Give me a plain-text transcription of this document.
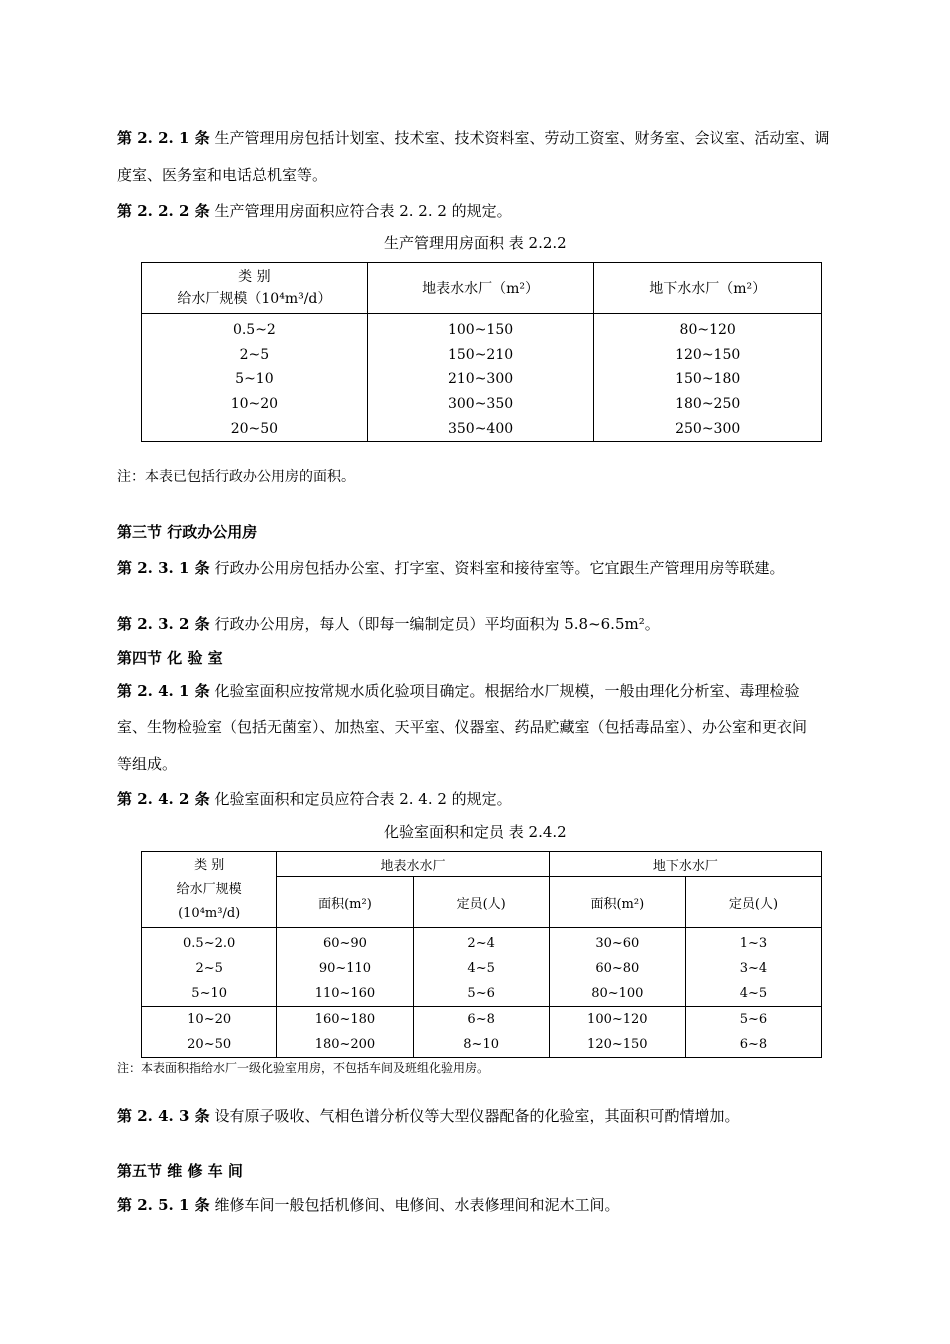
第 2. 2. 1 条 生产管理用房包括计划室、技术室、技术资料室、劳动工资室、财务室、会议室、活动室、调
度室、医务室和电话总机室等。
第 2. 2. 2 条 生产管理用房面积应符合表 2. 2. 2 的规定。
生产管理用房面积 表 2.2.2
类 别
给水厂规模（10⁴m³/d）	地表水水厂（m²）	地下水水厂（m²）
0.5~2	100~150	80~120
2~5	150~210	120~150
5~10	210~300	150~180
10~20	300~350	180~250
20~50	350~400	250~300
注：本表已包括行政办公用房的面积。
第三节 行政办公用房
第 2. 3. 1 条 行政办公用房包括办公室、打字室、资料室和接待室等。它宜跟生产管理用房等联建。
第 2. 3. 2 条 行政办公用房，每人（即每一编制定员）平均面积为 5.8~6.5m²。
第四节 化 验 室
第 2. 4. 1 条 化验室面积应按常规水质化验项目确定。根据给水厂规模，一般由理化分析室、毒理检验
室、生物检验室（包括无菌室）、加热室、天平室、仪器室、药品贮藏室（包括毒品室）、办公室和更衣间
等组成。
第 2. 4. 2 条 化验室面积和定员应符合表 2. 4. 2 的规定。
化验室面积和定员 表 2.4.2
类 别
给水厂规模
(10⁴m³/d)	地表水水厂		地下水水厂	
	面积(m²)	定员(人)	面积(m²)	定员(人)
0.5~2.0	60~90	2~4	30~60	1~3
2~5	90~110	4~5	60~80	3~4
5~10	110~160	5~6	80~100	4~5
10~20	160~180	6~8	100~120	5~6
20~50	180~200	8~10	120~150	6~8
注：本表面积指给水厂一级化验室用房，不包括车间及班组化验用房。
第 2. 4. 3 条 设有原子吸收、气相色谱分析仪等大型仪器配备的化验室，其面积可酌情增加。
第五节 维 修 车 间
第 2. 5. 1 条 维修车间一般包括机修间、电修间、水表修理间和泥木工间。
